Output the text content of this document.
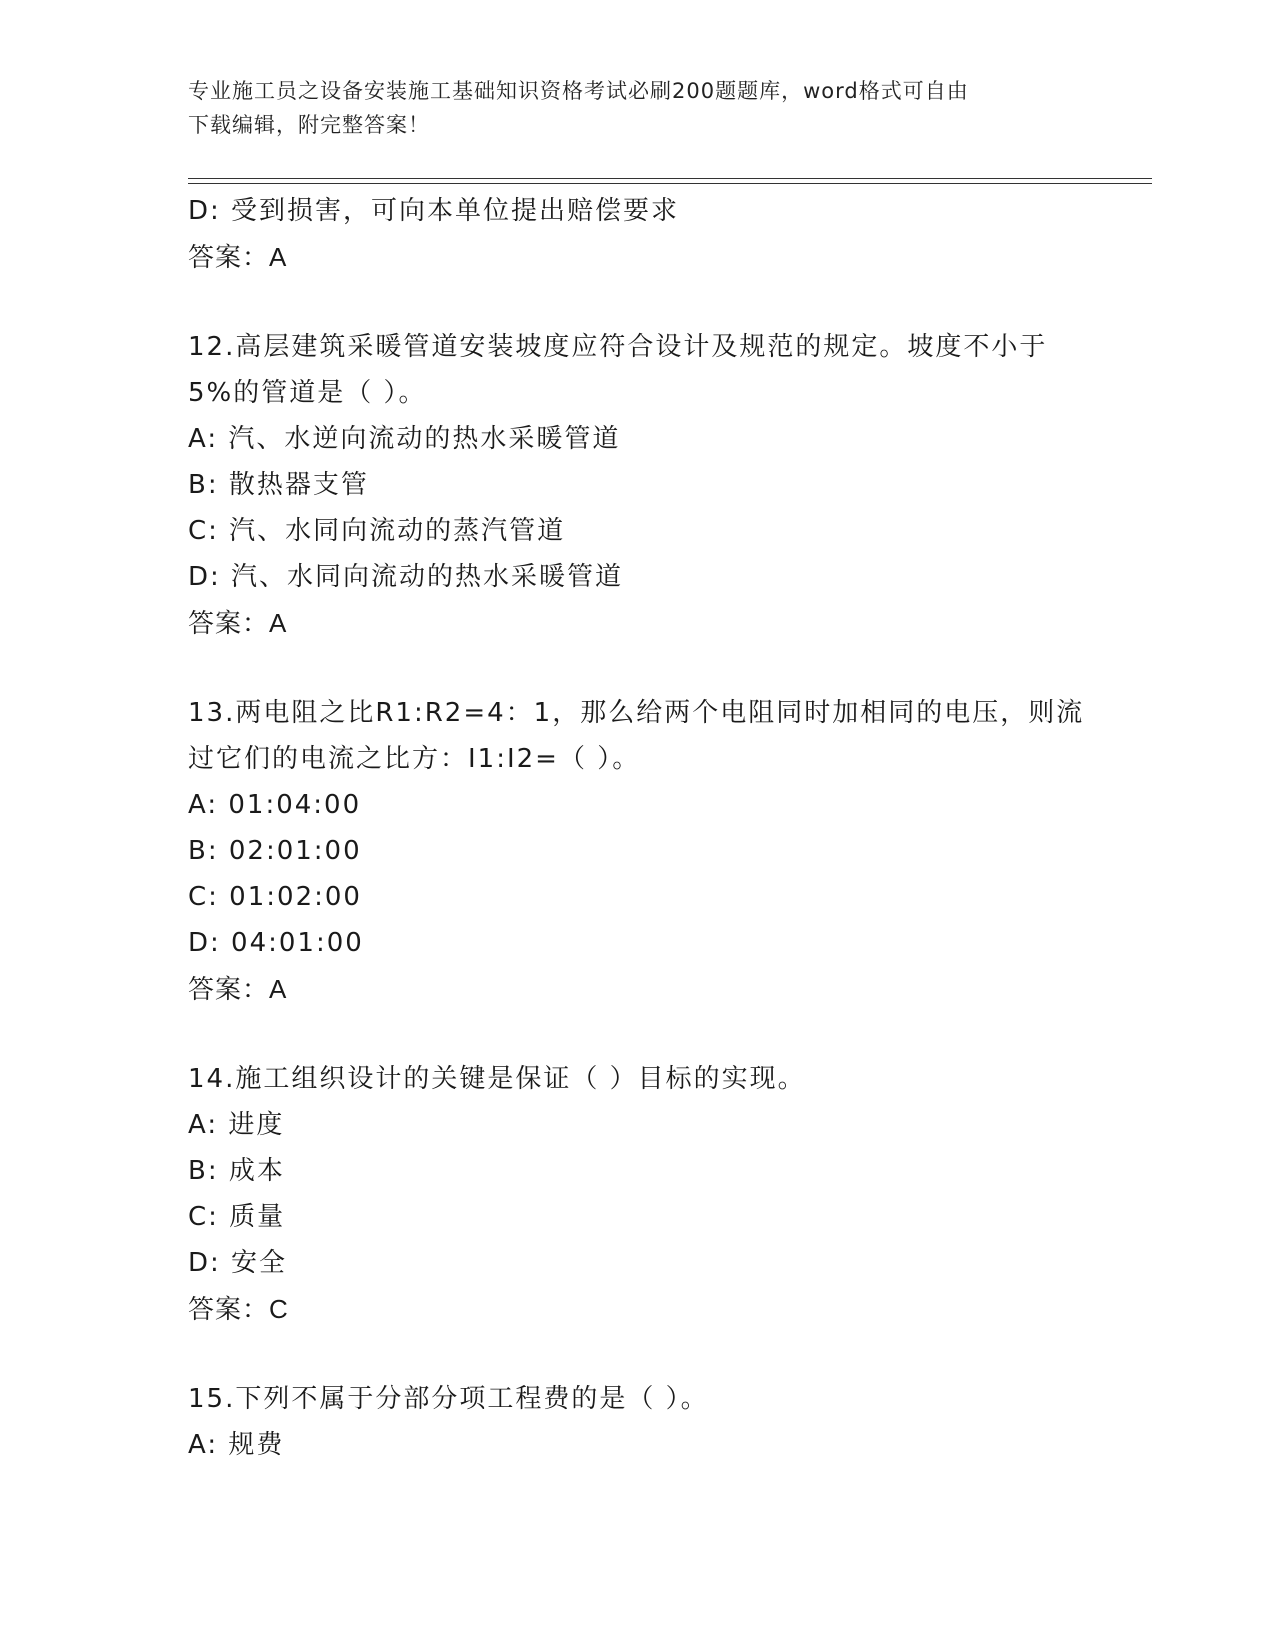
专业施工员之设备安装施工基础知识资格考试必刷200题题库，word格式可自由
下载编辑，附完整答案！
D: 受到损害，可向本单位提出赔偿要求
答案：A
12.高层建筑采暖管道安装坡度应符合设计及规范的规定。坡度不小于
5%的管道是（ ）。
A: 汽、水逆向流动的热水采暖管道
B: 散热器支管
C: 汽、水同向流动的蒸汽管道
D: 汽、水同向流动的热水采暖管道
答案：A
13.两电阻之比R1:R2=4：1，那么给两个电阻同时加相同的电压，则流
过它们的电流之比方：I1:I2=（ ）。
A: 01:04:00
B: 02:01:00
C: 01:02:00
D: 04:01:00
答案：A
14.施工组织设计的关键是保证（ ）目标的实现。
A: 进度
B: 成本
C: 质量
D: 安全
答案：C
15.下列不属于分部分项工程费的是（ ）。
A: 规费
